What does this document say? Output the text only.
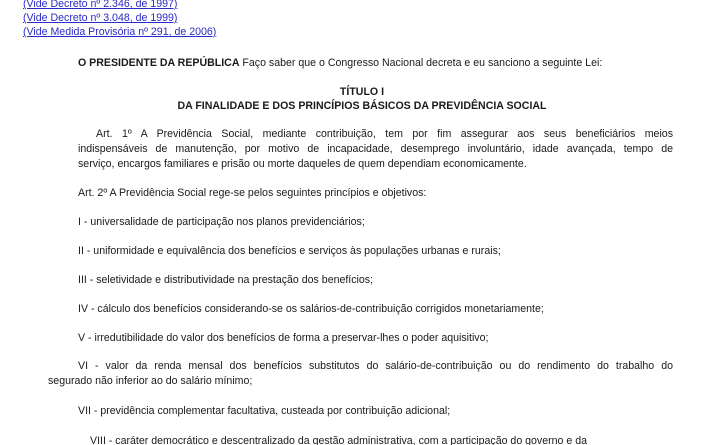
(Vide Decreto nº 2.346, de 1997)
(Vide Decreto nº 3.048, de 1999)
(Vide Medida Provisória nº 291, de 2006)
O PRESIDENTE DA REPÚBLICA Faço saber que o Congresso Nacional decreta e eu sanciono a seguinte Lei:
TÍTULO I
DA FINALIDADE E DOS PRINCÍPIOS BÁSICOS DA PREVIDÊNCIA SOCIAL
Art. 1º A Previdência Social, mediante contribuição, tem por fim assegurar aos seus beneficiários meios
indispensáveis de manutenção, por motivo de incapacidade, desemprego involuntário, idade avançada, tempo de
serviço, encargos familiares e prisão ou morte daqueles de quem dependiam economicamente.
Art. 2º A Previdência Social rege-se pelos seguintes princípios e objetivos:
I - universalidade de participação nos planos previdenciários;
II - uniformidade e equivalência dos benefícios e serviços às populações urbanas e rurais;
III - seletividade e distributividade na prestação dos benefícios;
IV - cálculo dos benefícios considerando-se os salários-de-contribuição corrigidos monetariamente;
V - irredutibilidade do valor dos benefícios de forma a preservar-lhes o poder aquisitivo;
VI - valor da renda mensal dos benefícios substitutos do salário-de-contribuição ou do rendimento do trabalho do
segurado não inferior ao do salário mínimo;
VII - previdência complementar facultativa, custeada por contribuição adicional;
VIII - caráter democrático e descentralizado da gestão administrativa, com a participação do governo e da
